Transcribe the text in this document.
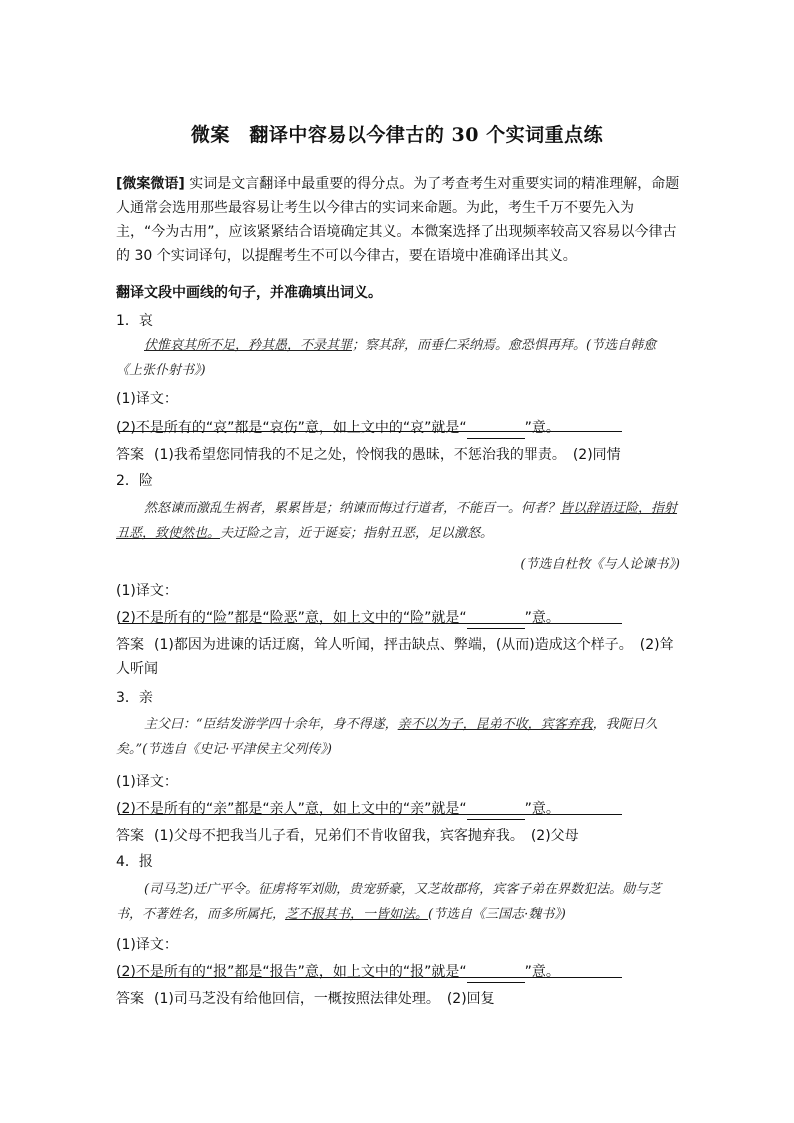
微案　翻译中容易以今律古的 30 个实词重点练
[微案微语] 实词是文言翻译中最重要的得分点。为了考查考生对重要实词的精准理解，命题人通常会选用那些最容易让考生以今律古的实词来命题。为此，考生千万不要先入为主，“今为古用”，应该紧紧结合语境确定其义。本微案选择了出现频率较高又容易以今律古的 30 个实词译句，以提醒考生不可以今律古，要在语境中准确译出其义。
翻译文段中画线的句子，并准确填出词义。
1．哀
伏惟哀其所不足，矜其愚，不录其罪；察其辞，而垂仁采纳焉。愈恐惧再拜。(节选自韩愈《上张仆射书》)
(1)译文：
(2)不是所有的“哀”都是“哀伤”意，如上文中的“哀”就是“	”意。
答案 (1)我希望您同情我的不足之处，怜悯我的愚昧，不惩治我的罪责。　(2)同情
2．险
然怒谏而激乱生祸者，累累皆是；纳谏而悔过行道者，不能百一。何者？皆以辞语迂险，指射丑恶，致使然也。夫迂险之言，近于诞妄；指射丑恶，足以激怒。
(节选自杜牧《与人论谏书》)
(1)译文：
(2)不是所有的“险”都是“险恶”意，如上文中的“险”就是“	”意。
答案 (1)都因为进谏的话迂腐，耸人听闻，抨击缺点、弊端，(从而)造成这个样子。　(2)耸人听闻
3．亲
主父曰：“臣结发游学四十余年，身不得遂，亲不以为子，昆弟不收，宾客弃我，我阨日久矣。”(节选自《史记·平津侯主父列传》)
(1)译文：
(2)不是所有的“亲”都是“亲人”意，如上文中的“亲”就是“	”意。
答案 (1)父母不把我当儿子看，兄弟们不肯收留我，宾客抛弃我。　(2)父母
4．报
(司马芝)迁广平令。征虏将军刘勋，贵宠骄豪，又芝故郡将，宾客子弟在界数犯法。勋与芝书，不著姓名，而多所属托，芝不报其书，一皆如法。(节选自《三国志·魏书》)
(1)译文：
(2)不是所有的“报”都是“报告”意，如上文中的“报”就是“	”意。
答案 (1)司马芝没有给他回信，一概按照法律处理。　(2)回复
